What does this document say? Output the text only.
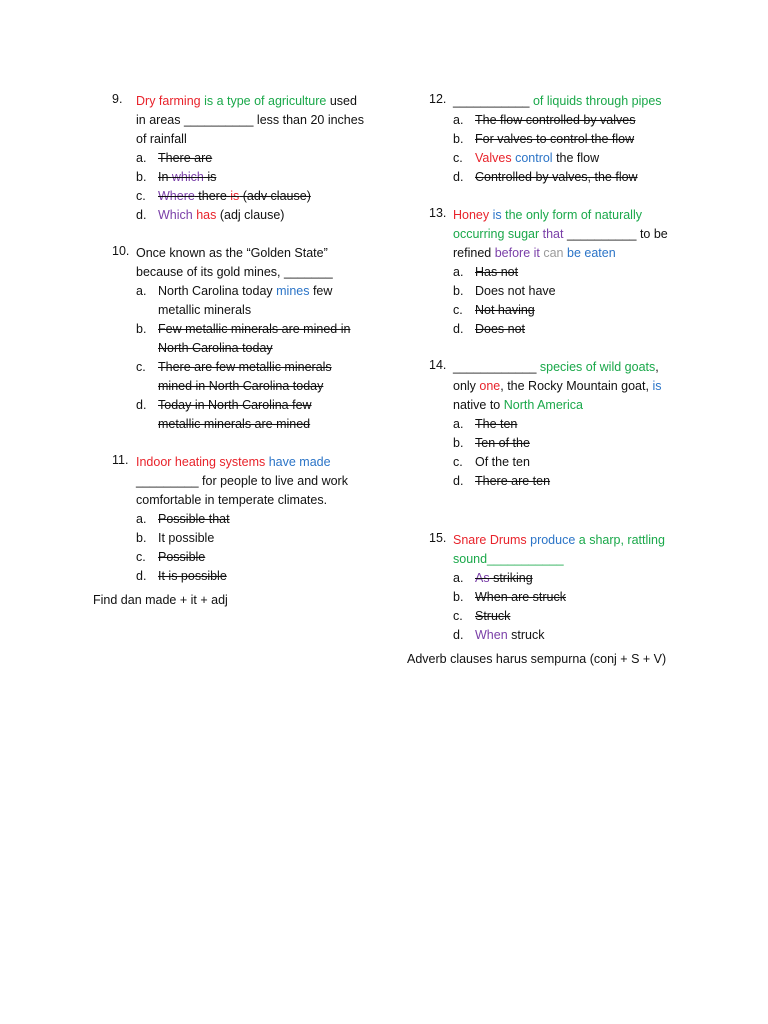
9.	Dry farming is a type of agriculture used
in areas __________ less than 20 inches
of rainfall
a. There are
b. In which is
c. Where there is (adv clause)
d. Which has (adj clause)
10. Once known as the “Golden State”
because of its gold mines, _______
a. North Carolina today mines few
metallic minerals
b. Few metallic minerals are mined in
North Carolina today
c. There are few metallic minerals
mined in North Carolina today
d. Today in North Carolina few
metallic minerals are mined
11. Indoor heating systems have made
_________ for people to live and work
comfortable in temperate climates.
a. Possible that
b. It possible
c. Possible
d. It is possible
Find dan made + it + adj
12. ___________ of liquids through pipes
a. The flow controlled by valves
b. For valves to control the flow
c. Valves control the flow
d. Controlled by valves, the flow
13. Honey is the only form of naturally
occurring sugar that __________ to be
refined before it can be eaten
a. Has not
b. Does not have
c. Not having
d. Does not
14. ____________ species of wild goats,
only one, the Rocky Mountain goat, is
native to North America
a. The ten
b. Ten of the
c. Of the ten
d. There are ten
15. Snare Drums produce a sharp, rattling
sound___________
a. As striking
b. When are struck
c. Struck
d. When struck
Adverb clauses harus sempurna (conj + S + V)
